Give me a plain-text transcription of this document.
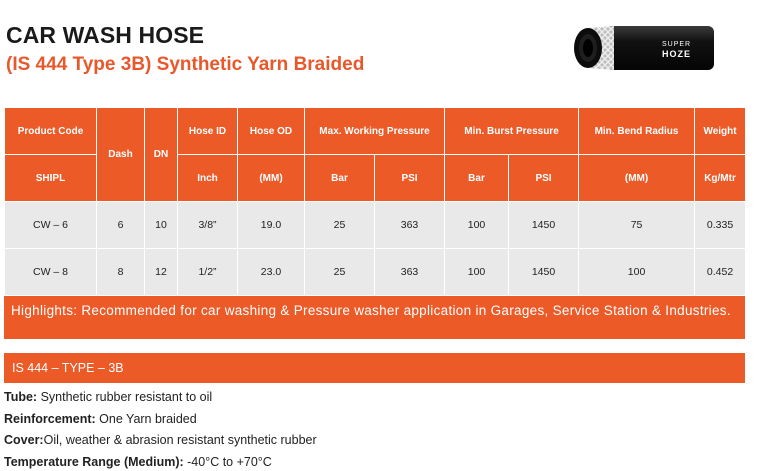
CAR WASH HOSE
(IS 444 Type 3B) Synthetic Yarn Braided
SUPER
HOZE
Product Code	Dash	DN	Hose ID	Hose OD	Max. Working Pressure		Min. Burst Pressure		Min. Bend Radius	Weight
SHIPL			Inch	(MM)	Bar	PSI	Bar	PSI	(MM)	Kg/Mtr
CW – 6	6	10	3/8”	19.0	25	363	100	1450	75	0.335
CW – 8	8	12	1/2”	23.0	25	363	100	1450	100	0.452
Highlights: Recommended for car washing & Pressure washer application in Garages, Service Station & Industries.
IS 444 – TYPE – 3B
Tube: Synthetic rubber resistant to oil
Reinforcement: One Yarn braided
Cover:Oil, weather & abrasion resistant synthetic rubber
Temperature Range (Medium): -40°C to +70°C
